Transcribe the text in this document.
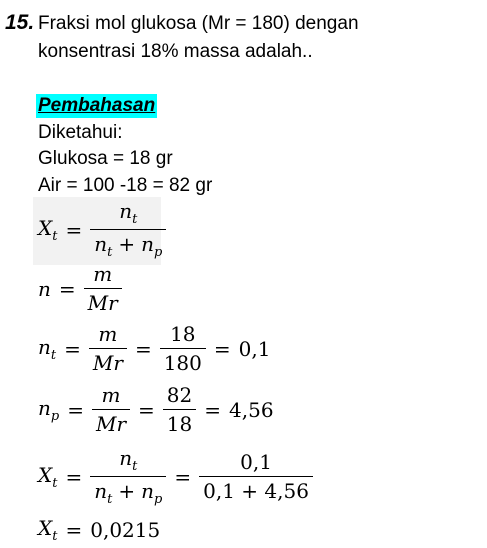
15. Fraksi mol glukosa (Mr = 180) dengan
konsentrasi 18% massa adalah..
Pembahasan
Diketahui:
Glukosa = 18 gr
Air = 100 -18 = 82 gr
$X_t = \frac{n_t}{n_t + n_p}$
$n = \frac{m}{Mr}$
$n_t = \frac{m}{Mr} = \frac{18}{180} = 0,1$
$n_p = \frac{m}{Mr} = \frac{82}{18} = 4,56$
$X_t = \frac{n_t}{n_t + n_p} = \frac{0,1}{0,1 + 4,56}$
$X_t = 0,0215$
